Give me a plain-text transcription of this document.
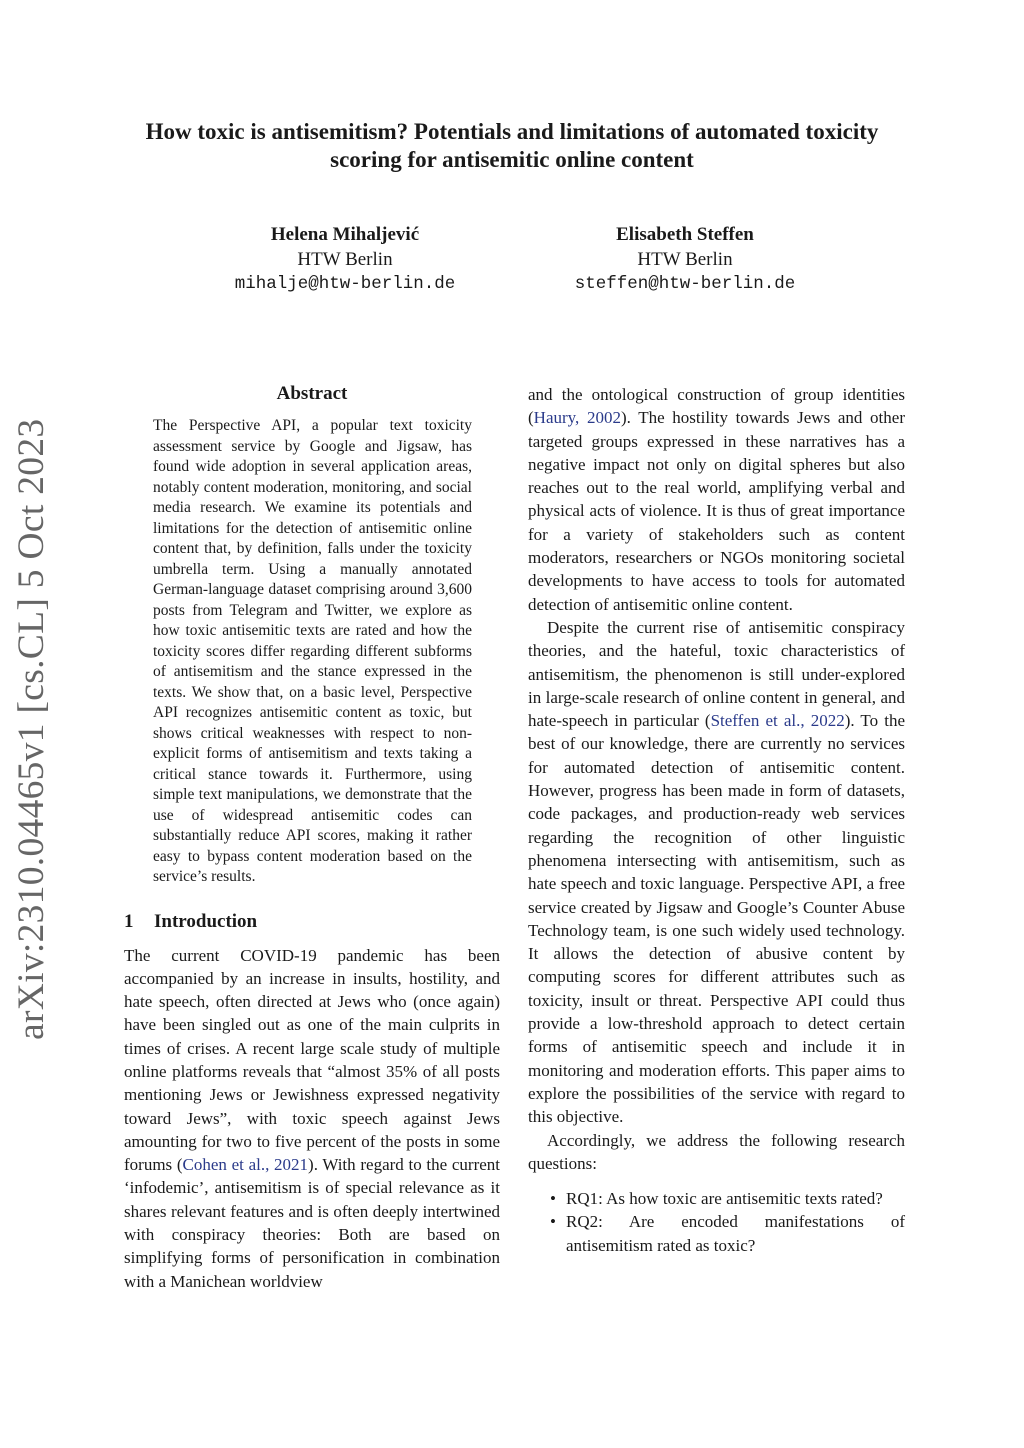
arXiv:2310.04465v1 [cs.CL] 5 Oct 2023
How toxic is antisemitism? Potentials and limitations of automated toxicity scoring for antisemitic online content
Helena Mihaljević
HTW Berlin
mihalje@htw-berlin.de
Elisabeth Steffen
HTW Berlin
steffen@htw-berlin.de
Abstract

The Perspective API, a popular text toxicity assessment service by Google and Jigsaw, has found wide adoption in several application areas, notably content moderation, monitoring, and social media research. We examine its potentials and limitations for the detection of antisemitic online content that, by definition, falls under the toxicity umbrella term. Using a manually annotated German-language dataset comprising around 3,600 posts from Telegram and Twitter, we explore as how toxic antisemitic texts are rated and how the toxicity scores differ regarding different subforms of antisemitism and the stance expressed in the texts. We show that, on a basic level, Perspective API recognizes antisemitic content as toxic, but shows critical weaknesses with respect to non-explicit forms of antisemitism and texts taking a critical stance towards it. Furthermore, using simple text manipulations, we demonstrate that the use of widespread antisemitic codes can substantially reduce API scores, making it rather easy to bypass content moderation based on the service’s results.

1 Introduction

The current COVID-19 pandemic has been accompanied by an increase in insults, hostility, and hate speech, often directed at Jews who (once again) have been singled out as one of the main culprits in times of crises. A recent large scale study of multiple online platforms reveals that “almost 35% of all posts mentioning Jews or Jewishness expressed negativity toward Jews”, with toxic speech against Jews amounting for two to five percent of the posts in some forums (Cohen et al., 2021). With regard to the current ‘infodemic’, antisemitism is of special relevance as it shares relevant features and is often deeply intertwined with conspiracy theories: Both are based on simplifying forms of personification in combination with a Manichean worldview

and the ontological construction of group identities (Haury, 2002). The hostility towards Jews and other targeted groups expressed in these narratives has a negative impact not only on digital spheres but also reaches out to the real world, amplifying verbal and physical acts of violence. It is thus of great importance for a variety of stakeholders such as content moderators, researchers or NGOs monitoring societal developments to have access to tools for automated detection of antisemitic online content.

Despite the current rise of antisemitic conspiracy theories, and the hateful, toxic characteristics of antisemitism, the phenomenon is still under-explored in large-scale research of online content in general, and hate-speech in particular (Steffen et al., 2022). To the best of our knowledge, there are currently no services for automated detection of antisemitic content. However, progress has been made in form of datasets, code packages, and production-ready web services regarding the recognition of other linguistic phenomena intersecting with antisemitism, such as hate speech and toxic language. Perspective API, a free service created by Jigsaw and Google’s Counter Abuse Technology team, is one such widely used technology. It allows the detection of abusive content by computing scores for different attributes such as toxicity, insult or threat. Perspective API could thus provide a low-threshold approach to detect certain forms of antisemitic speech and include it in monitoring and moderation efforts. This paper aims to explore the possibilities of the service with regard to this objective.

Accordingly, we address the following research questions:

• RQ1: As how toxic are antisemitic texts rated?
• RQ2: Are encoded manifestations of antisemitism rated as toxic?
